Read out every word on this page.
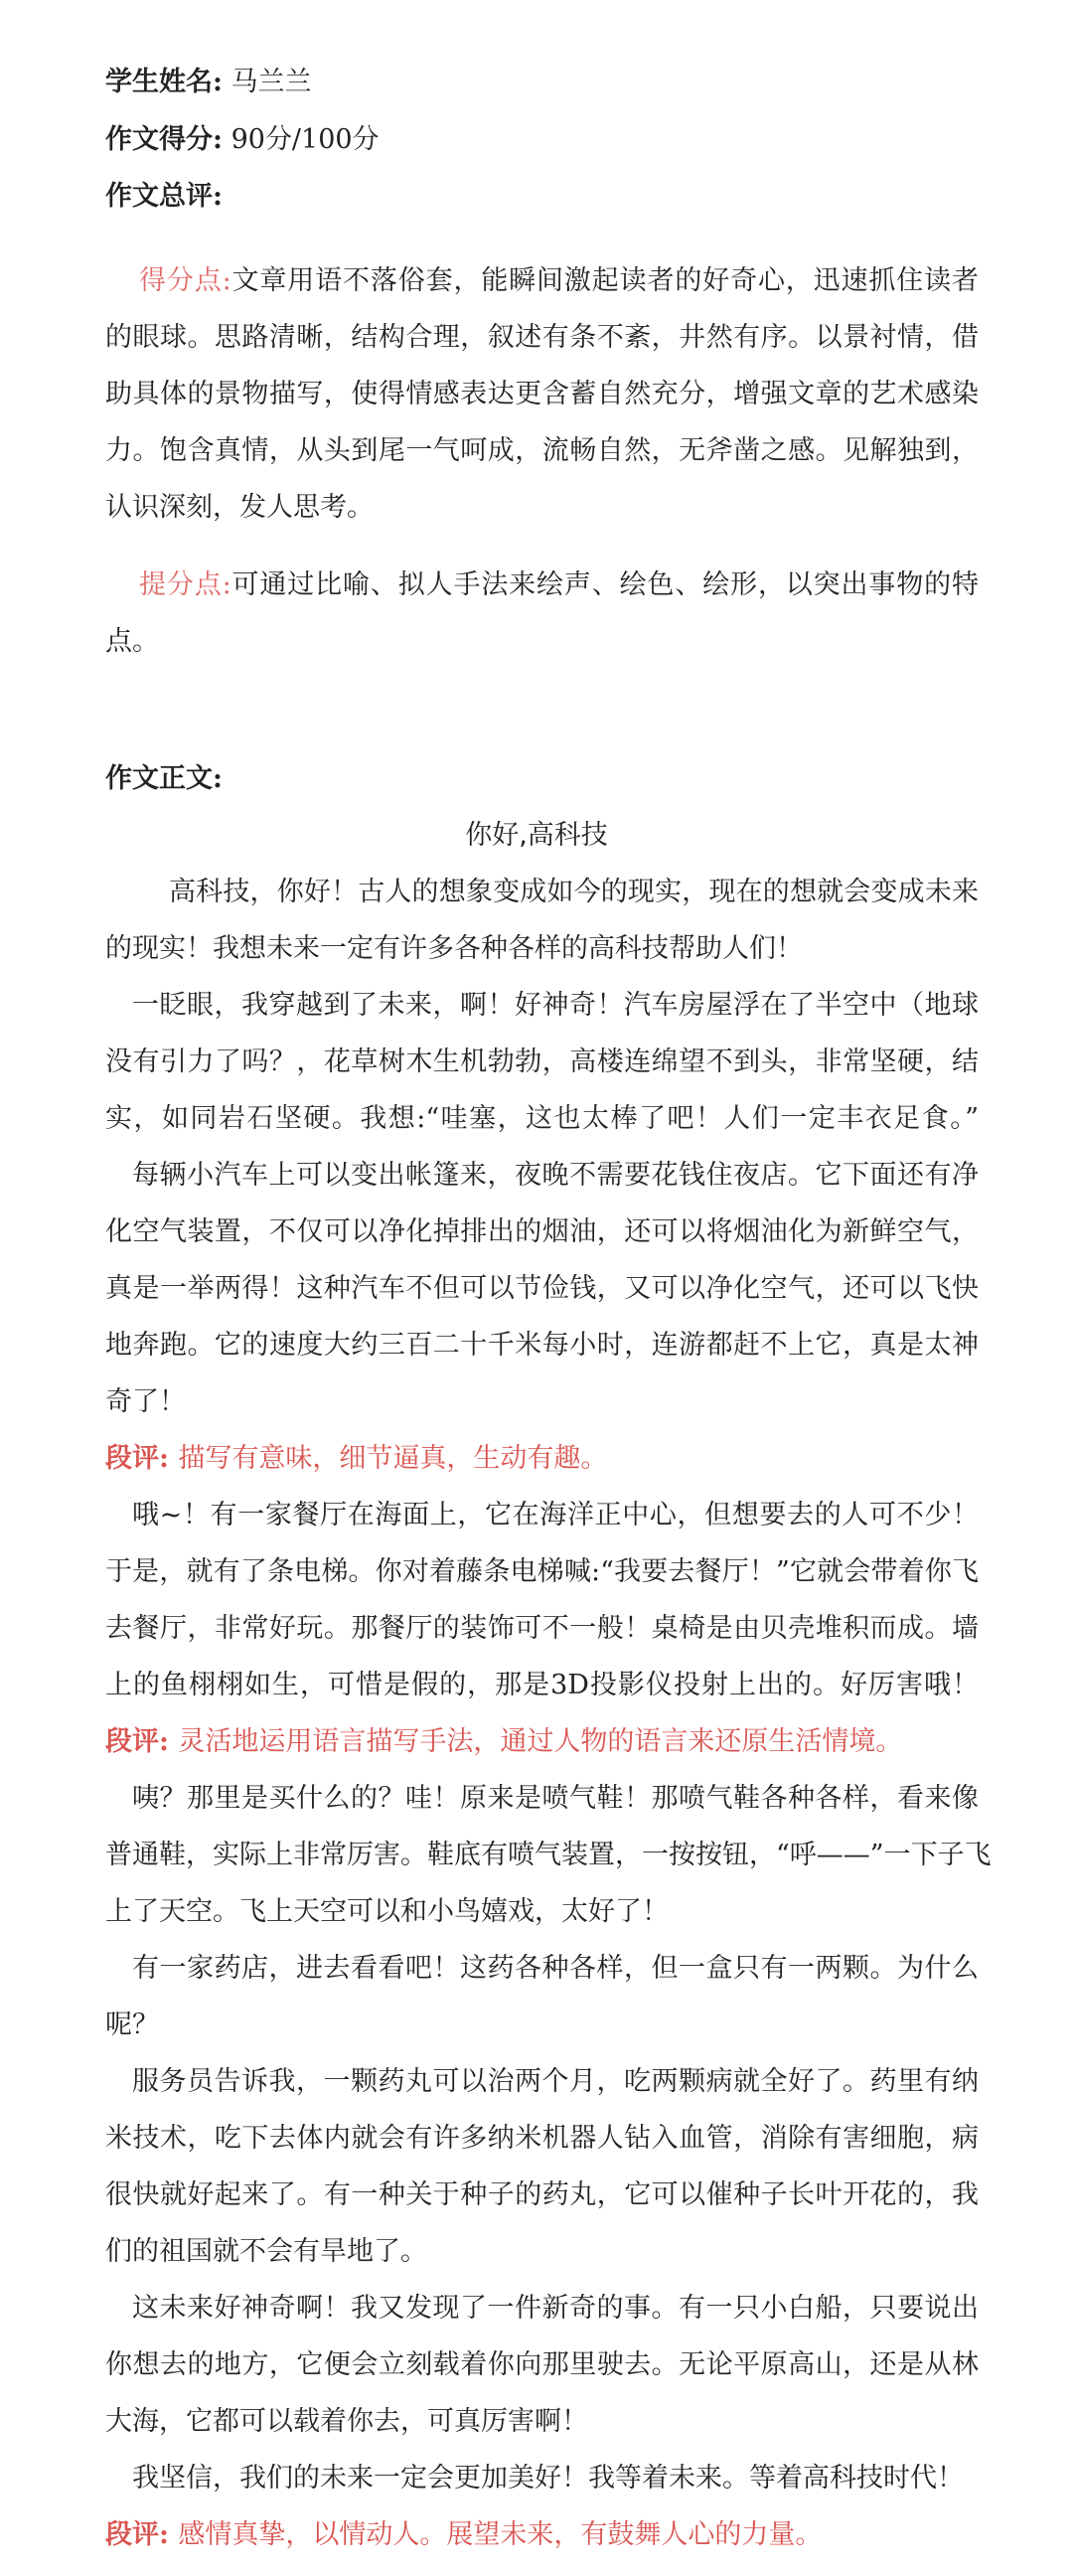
学生姓名: 马兰兰
作文得分: 90分/100分
作文总评:
得分点:文章用语不落俗套，能瞬间激起读者的好奇心，迅速抓住读者
的眼球。思路清晰，结构合理，叙述有条不紊，井然有序。以景衬情，借
助具体的景物描写，使得情感表达更含蓄自然充分，增强文章的艺术感染
力。饱含真情，从头到尾一气呵成，流畅自然，无斧凿之感。见解独到，
认识深刻，发人思考。
提分点:可通过比喻、拟人手法来绘声、绘色、绘形，以突出事物的特
点。
作文正文:
你好,高科技
高科技，你好！古人的想象变成如今的现实，现在的想就会变成未来
的现实！我想未来一定有许多各种各样的高科技帮助人们！
一眨眼，我穿越到了未来，啊！好神奇！汽车房屋浮在了半空中（地球
没有引力了吗？，花草树木生机勃勃，高楼连绵望不到头，非常坚硬，结
实，如同岩石坚硬。我想:“哇塞，这也太棒了吧！人们一定丰衣足食。”
每辆小汽车上可以变出帐篷来，夜晚不需要花钱住夜店。它下面还有净
化空气装置，不仅可以净化掉排出的烟油，还可以将烟油化为新鲜空气，
真是一举两得！这种汽车不但可以节俭钱，又可以净化空气，还可以飞快
地奔跑。它的速度大约三百二十千米每小时，连游都赶不上它，真是太神
奇了！
段评: 描写有意味，细节逼真，生动有趣。
哦~！有一家餐厅在海面上，它在海洋正中心，但想要去的人可不少！
于是，就有了条电梯。你对着藤条电梯喊:“我要去餐厅！”它就会带着你飞
去餐厅，非常好玩。那餐厅的装饰可不一般！桌椅是由贝壳堆积而成。墙
上的鱼栩栩如生，可惜是假的，那是3D投影仪投射上出的。好厉害哦！
段评: 灵活地运用语言描写手法，通过人物的语言来还原生活情境。
咦？那里是买什么的？哇！原来是喷气鞋！那喷气鞋各种各样，看来像
普通鞋，实际上非常厉害。鞋底有喷气装置，一按按钮，“呼——”一下子飞
上了天空。飞上天空可以和小鸟嬉戏，太好了！
有一家药店，进去看看吧！这药各种各样，但一盒只有一两颗。为什么
呢？
服务员告诉我，一颗药丸可以治两个月，吃两颗病就全好了。药里有纳
米技术，吃下去体内就会有许多纳米机器人钻入血管，消除有害细胞，病
很快就好起来了。有一种关于种子的药丸，它可以催种子长叶开花的，我
们的祖国就不会有旱地了。
这未来好神奇啊！我又发现了一件新奇的事。有一只小白船，只要说出
你想去的地方，它便会立刻载着你向那里驶去。无论平原高山，还是从林
大海，它都可以载着你去，可真厉害啊！
我坚信，我们的未来一定会更加美好！我等着未来。等着高科技时代！
段评: 感情真挚，以情动人。展望未来，有鼓舞人心的力量。
